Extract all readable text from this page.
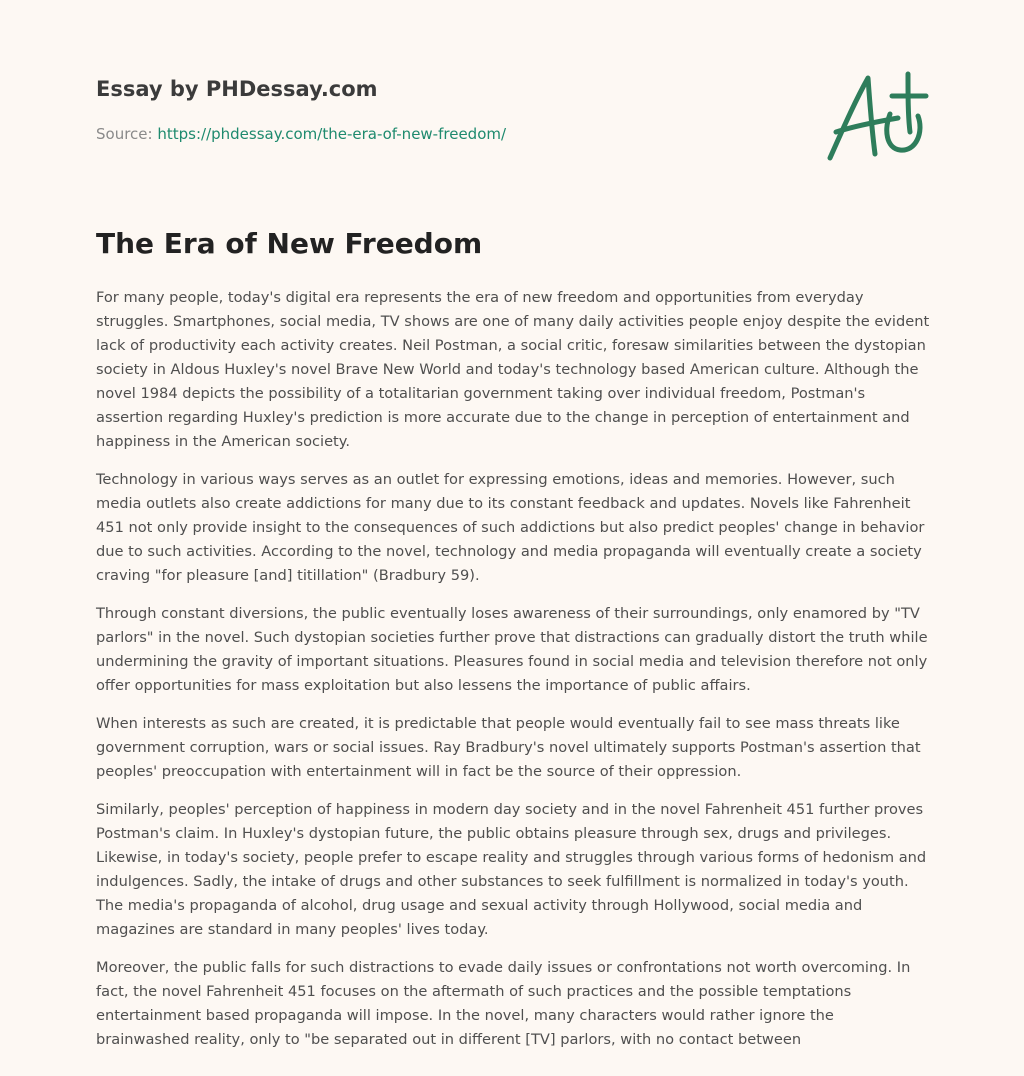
Essay by PHDessay.com
Source: https://phdessay.com/the-era-of-new-freedom/
The Era of New Freedom

For many people, today's digital era represents the era of new freedom and opportunities from everyday struggles. Smartphones, social media, TV shows are one of many daily activities people enjoy despite the evident lack of productivity each activity creates. Neil Postman, a social critic, foresaw similarities between the dystopian society in Aldous Huxley's novel Brave New World and today's technology based American culture. Although the novel 1984 depicts the possibility of a totalitarian government taking over individual freedom, Postman's assertion regarding Huxley's prediction is more accurate due to the change in perception of entertainment and happiness in the American society.

Technology in various ways serves as an outlet for expressing emotions, ideas and memories. However, such media outlets also create addictions for many due to its constant feedback and updates. Novels like Fahrenheit 451 not only provide insight to the consequences of such addictions but also predict peoples' change in behavior due to such activities. According to the novel, technology and media propaganda will eventually create a society craving "for pleasure [and] titillation" (Bradbury 59).

Through constant diversions, the public eventually loses awareness of their surroundings, only enamored by "TV parlors" in the novel. Such dystopian societies further prove that distractions can gradually distort the truth while undermining the gravity of important situations. Pleasures found in social media and television therefore not only offer opportunities for mass exploitation but also lessens the importance of public affairs.

When interests as such are created, it is predictable that people would eventually fail to see mass threats like government corruption, wars or social issues. Ray Bradbury's novel ultimately supports Postman's assertion that peoples' preoccupation with entertainment will in fact be the source of their oppression.

Similarly, peoples' perception of happiness in modern day society and in the novel Fahrenheit 451 further proves Postman's claim. In Huxley's dystopian future, the public obtains pleasure through sex, drugs and privileges. Likewise, in today's society, people prefer to escape reality and struggles through various forms of hedonism and indulgences. Sadly, the intake of drugs and other substances to seek fulfillment is normalized in today's youth. The media's propaganda of alcohol, drug usage and sexual activity through Hollywood, social media and magazines are standard in many peoples' lives today.

Moreover, the public falls for such distractions to evade daily issues or confrontations not worth overcoming. In fact, the novel Fahrenheit 451 focuses on the aftermath of such practices and the possible temptations entertainment based propaganda will impose. In the novel, many characters would rather ignore the brainwashed reality, only to "be separated out in different [TV] parlors, with no contact between
